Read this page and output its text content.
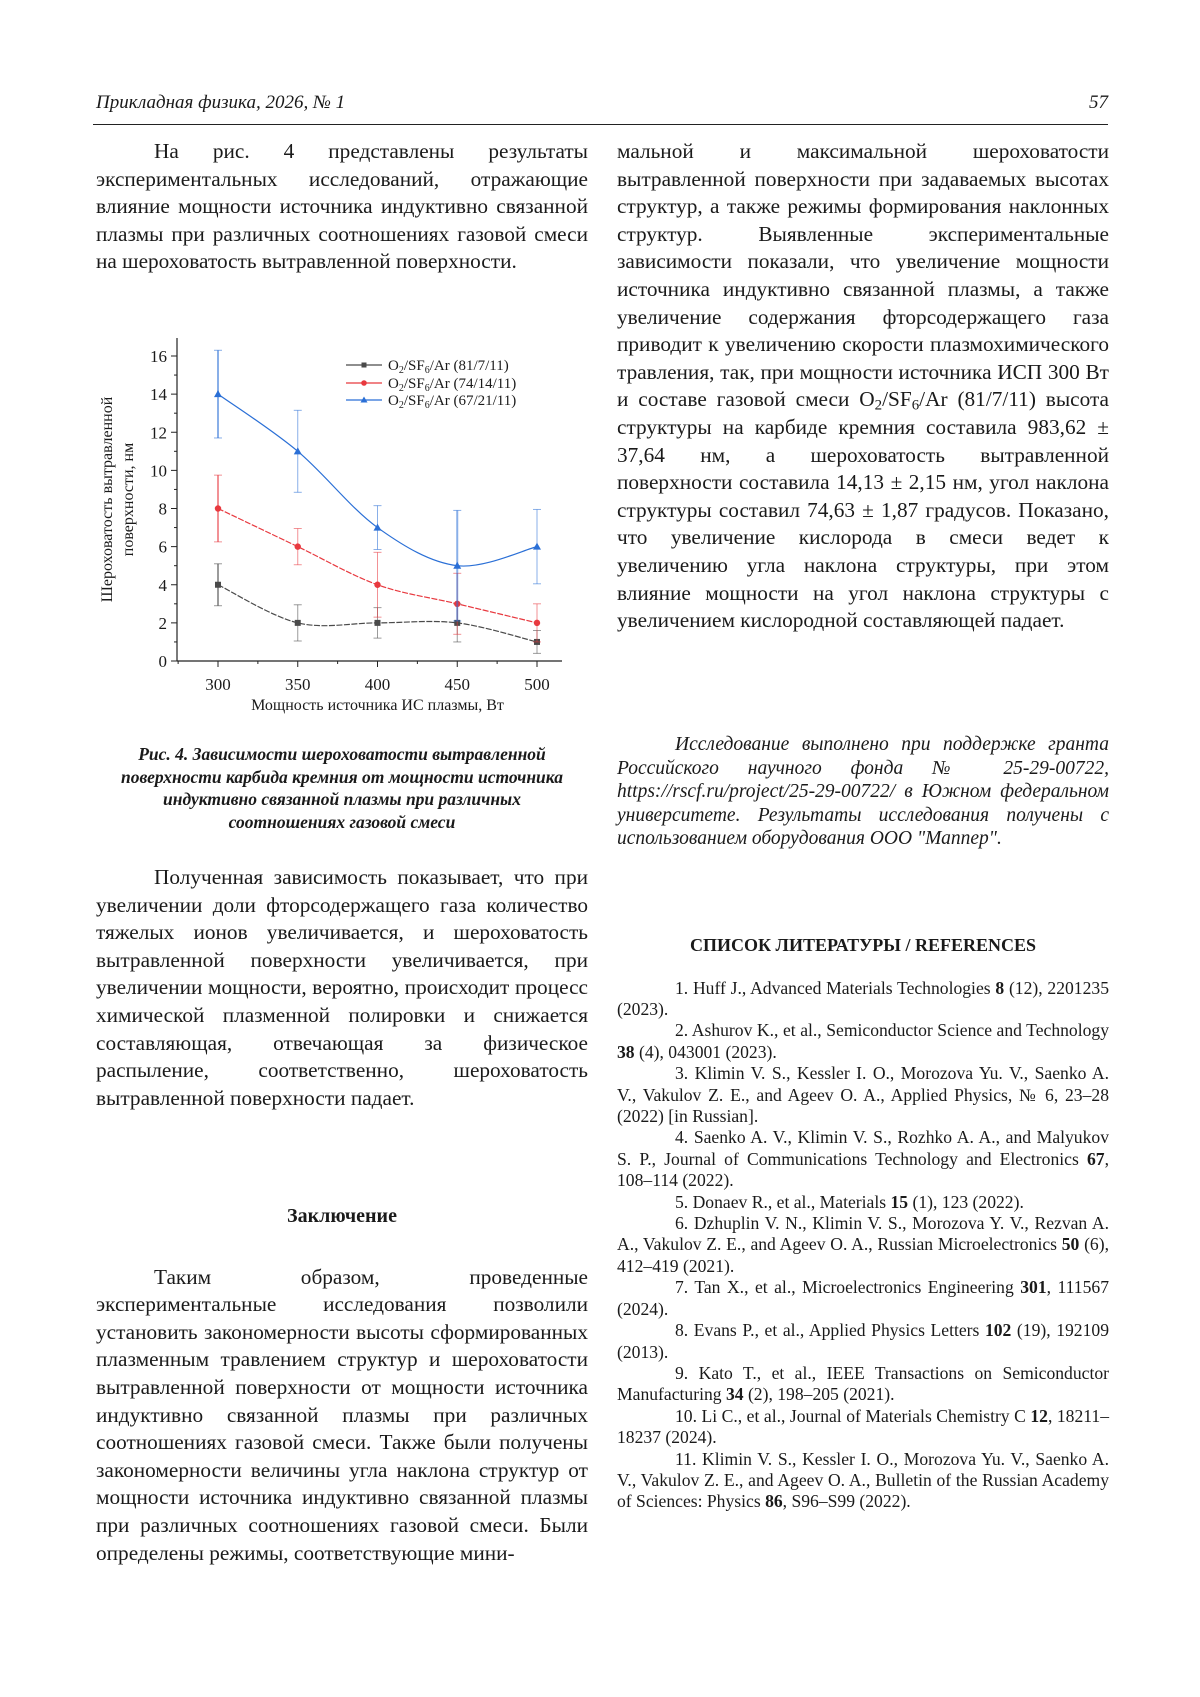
Прикладная физика, 2026, № 1	57

На рис. 4 представлены результаты экспериментальных исследований, отражающие влияние мощности источника индуктивно связанной плазмы при различных соотношениях газовой смеси на шероховатость вытравленной поверхности.

0
2
4
6
8
10
12
14
16
300	350	400	450	500
Мощность источника ИС плазмы, Вт
Шероховатость вытравленной поверхности, нм
$O_2/SF_6/Ar$ (81/7/11)
$O_2/SF_6/Ar$ (74/14/11)
$O_2/SF_6/Ar$ (67/21/11)

Рис. 4. Зависимости шероховатости вытравленной поверхности карбида кремния от мощности источника индуктивно связанной плазмы при различных соотношениях газовой смеси

Полученная зависимость показывает, что при увеличении доли фторсодержащего газа количество тяжелых ионов увеличивается, и шероховатость вытравленной поверхности увеличивается, при увеличении мощности, вероятно, происходит процесс химической плазменной полировки и снижается составляющая, отвечающая за физическое распыление, соответственно, шероховатость вытравленной поверхности падает.

Заключение

Таким образом, проведенные экспериментальные исследования позволили установить закономерности высоты сформированных плазменным травлением структур и шероховатости вытравленной поверхности от мощности источника индуктивно связанной плазмы при различных соотношениях газовой смеси. Также были получены закономерности величины угла наклона структур от мощности источника индуктивно связанной плазмы при различных соотношениях газовой смеси. Были определены режимы, соответствующие мини-

мальной и максимальной шероховатости вытравленной поверхности при задаваемых высотах структур, а также режимы формирования наклонных структур. Выявленные экспериментальные зависимости показали, что увеличение мощности источника индуктивно связанной плазмы, а также увеличение содержания фторсодержащего газа приводит к увеличению скорости плазмохимического травления, так, при мощности источника ИСП 300 Вт и составе газовой смеси $O_2/SF_6/Ar$ (81/7/11) высота структуры на карбиде кремния составила 983,62 ± 37,64 нм, а шероховатость вытравленной поверхности составила 14,13 ± 2,15 нм, угол наклона структуры составил 74,63 ± 1,87 градусов. Показано, что увеличение кислорода в смеси ведет к увеличению угла наклона структуры, при этом влияние мощности на угол наклона структуры с увеличением кислородной составляющей падает.

Исследование выполнено при поддержке гранта Российского научного фонда № 25-29-00722, https://rscf.ru/project/25-29-00722/ в Южном федеральном университете. Результаты исследования получены с использованием оборудования ООО "Маппер".

СПИСОК ЛИТЕРАТУРЫ / REFERENCES

1. Huff J., Advanced Materials Technologies 8 (12), 2201235 (2023).

2. Ashurov K., et al., Semiconductor Science and Technology 38 (4), 043001 (2023).

3. Klimin V. S., Kessler I. O., Morozova Yu. V., Saenko A. V., Vakulov Z. E., and Ageev O. A., Applied Physics, № 6, 23–28 (2022) [in Russian].

4. Saenko A. V., Klimin V. S., Rozhko A. A., and Malyukov S. P., Journal of Communications Technology and Electronics 67, 108–114 (2022).

5. Donaev R., et al., Materials 15 (1), 123 (2022).

6. Dzhuplin V. N., Klimin V. S., Morozova Y. V., Rezvan A. A., Vakulov Z. E., and Ageev O. A., Russian Microelectronics 50 (6), 412–419 (2021).

7. Tan X., et al., Microelectronics Engineering 301, 111567 (2024).

8. Evans P., et al., Applied Physics Letters 102 (19), 192109 (2013).

9. Kato T., et al., IEEE Transactions on Semiconductor Manufacturing 34 (2), 198–205 (2021).

10. Li C., et al., Journal of Materials Chemistry C 12, 18211–18237 (2024).

11. Klimin V. S., Kessler I. O., Morozova Yu. V., Saenko A. V., Vakulov Z. E., and Ageev O. A., Bulletin of the Russian Academy of Sciences: Physics 86, S96–S99 (2022).
